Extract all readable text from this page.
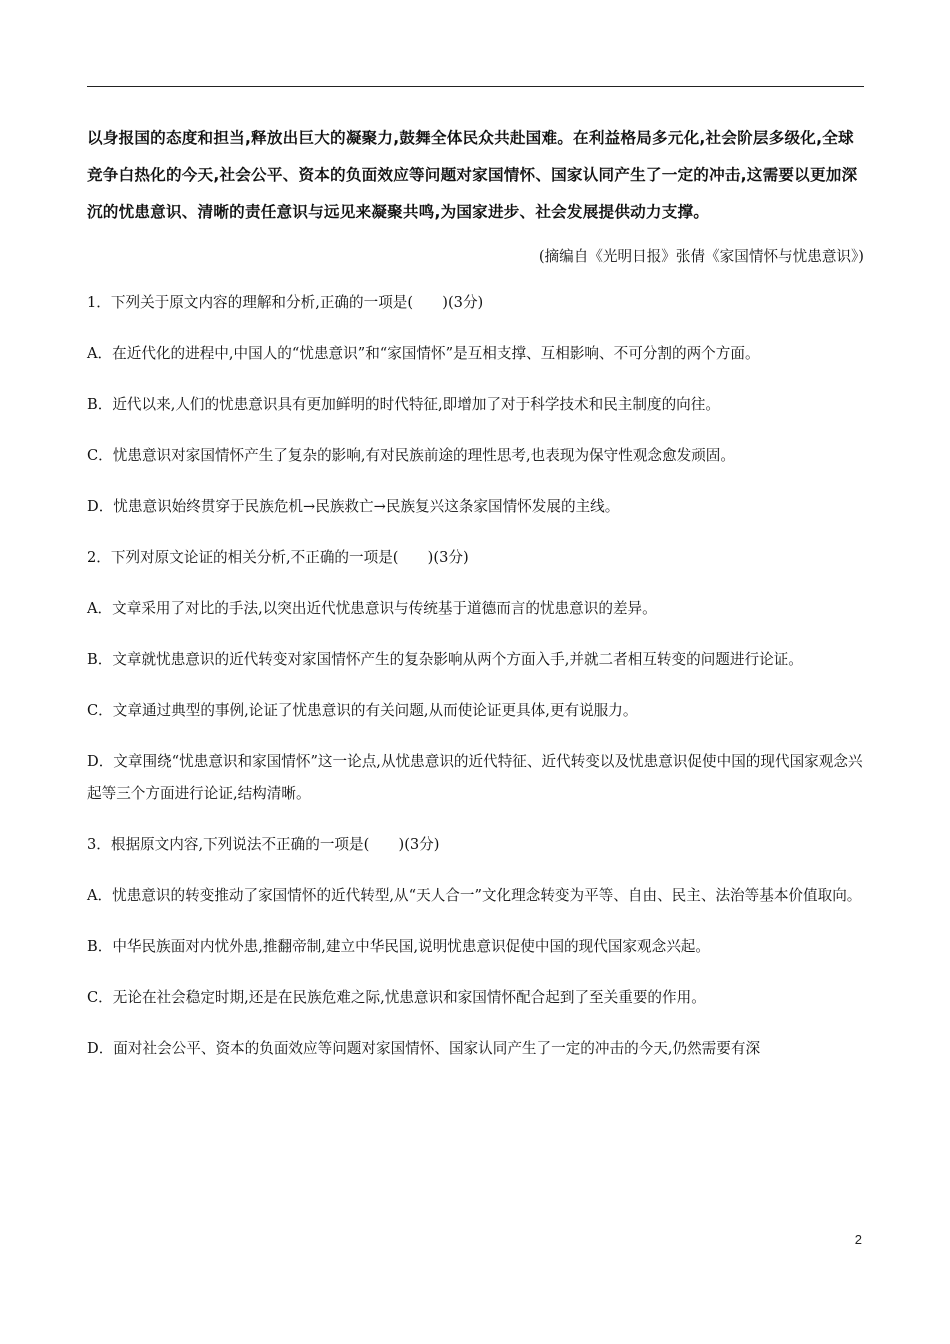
以身报国的态度和担当,释放出巨大的凝聚力,鼓舞全体民众共赴国难。在利益格局多元化,社会阶层多级化,全球竞争白热化的今天,社会公平、资本的负面效应等问题对家国情怀、国家认同产生了一定的冲击,这需要以更加深沉的忧患意识、清晰的责任意识与远见来凝聚共鸣,为国家进步、社会发展提供动力支撑。

(摘编自《光明日报》张倩《家国情怀与忧患意识》)

1．下列关于原文内容的理解和分析,正确的一项是(　　)(3分)

A．在近代化的进程中,中国人的“忧患意识”和“家国情怀”是互相支撑、互相影响、不可分割的两个方面。

B．近代以来,人们的忧患意识具有更加鲜明的时代特征,即增加了对于科学技术和民主制度的向往。

C．忧患意识对家国情怀产生了复杂的影响,有对民族前途的理性思考,也表现为保守性观念愈发顽固。

D．忧患意识始终贯穿于民族危机→民族救亡→民族复兴这条家国情怀发展的主线。

2．下列对原文论证的相关分析,不正确的一项是(　　)(3分)

A．文章采用了对比的手法,以突出近代忧患意识与传统基于道德而言的忧患意识的差异。

B．文章就忧患意识的近代转变对家国情怀产生的复杂影响从两个方面入手,并就二者相互转变的问题进行论证。

C．文章通过典型的事例,论证了忧患意识的有关问题,从而使论证更具体,更有说服力。

D．文章围绕“忧患意识和家国情怀”这一论点,从忧患意识的近代特征、近代转变以及忧患意识促使中国的现代国家观念兴起等三个方面进行论证,结构清晰。

3．根据原文内容,下列说法不正确的一项是(　　)(3分)

A．忧患意识的转变推动了家国情怀的近代转型,从“天人合一”文化理念转变为平等、自由、民主、法治等基本价值取向。

B．中华民族面对内忧外患,推翻帝制,建立中华民国,说明忧患意识促使中国的现代国家观念兴起。

C．无论在社会稳定时期,还是在民族危难之际,忧患意识和家国情怀配合起到了至关重要的作用。

D．面对社会公平、资本的负面效应等问题对家国情怀、国家认同产生了一定的冲击的今天,仍然需要有深

2
